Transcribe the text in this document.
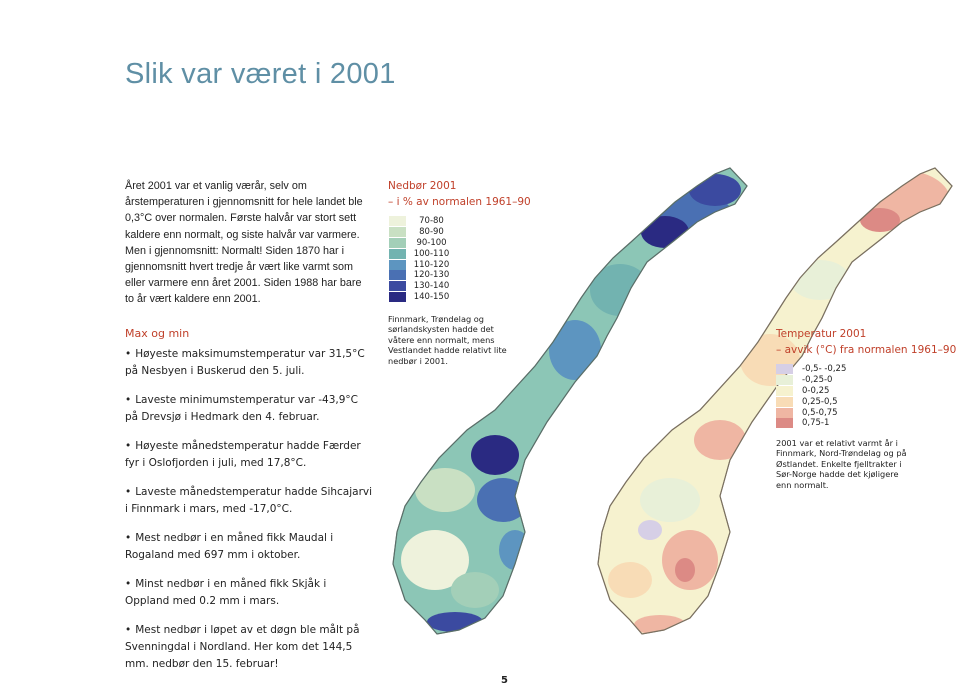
Slik var været i 2001

Året 2001 var et vanlig værår, selv om årstemperaturen i gjennomsnitt for hele landet ble 0,3°C over normalen. Første halvår var stort sett kaldere enn normalt, og siste halvår var varmere. Men i gjennomsnitt: Normalt! Siden 1870 har i gjennomsnitt hvert tredje år vært like varmt som eller varmere enn året 2001. Siden 1988 har bare to år vært kaldere enn 2001.

Max og min
• Høyeste maksimumstemperatur var 31,5°C på Nesbyen i Buskerud den 5. juli.
• Laveste minimumstemperatur var -43,9°C på Drevsjø i Hedmark den 4. februar.
• Høyeste månedstemperatur hadde Færder fyr i Oslofjorden i juli, med 17,8°C.
• Laveste månedstemperatur hadde Sihcajarvi i Finnmark i mars, med -17,0°C.
• Mest nedbør i en måned fikk Maudal i Rogaland med 697 mm i oktober.
• Minst nedbør i en måned fikk Skjåk i Oppland med 0.2 mm i mars.
• Mest nedbør i løpet av et døgn ble målt på Svenningdal i Nordland. Her kom det 144,5 mm. nedbør den 15. februar!
Nedbør 2001
– i % av normalen 1961–90
70-80
80-90
90-100
100-110
110-120
120-130
130-140
140-150
Finnmark, Trøndelag og sørlandskysten hadde det våtere enn normalt, mens Vestlandet hadde relativt lite nedbør i 2001.
Temperatur 2001
– avvik (°C) fra normalen 1961–90
-0,5- -0,25
-0,25-0
0-0,25
0,25-0,5
0,5-0,75
0,75-1
2001 var et relativt varmt år i Finnmark, Nord-Trøndelag og på Østlandet. Enkelte fjelltrakter i Sør-Norge hadde det kjøligere enn normalt.
5
